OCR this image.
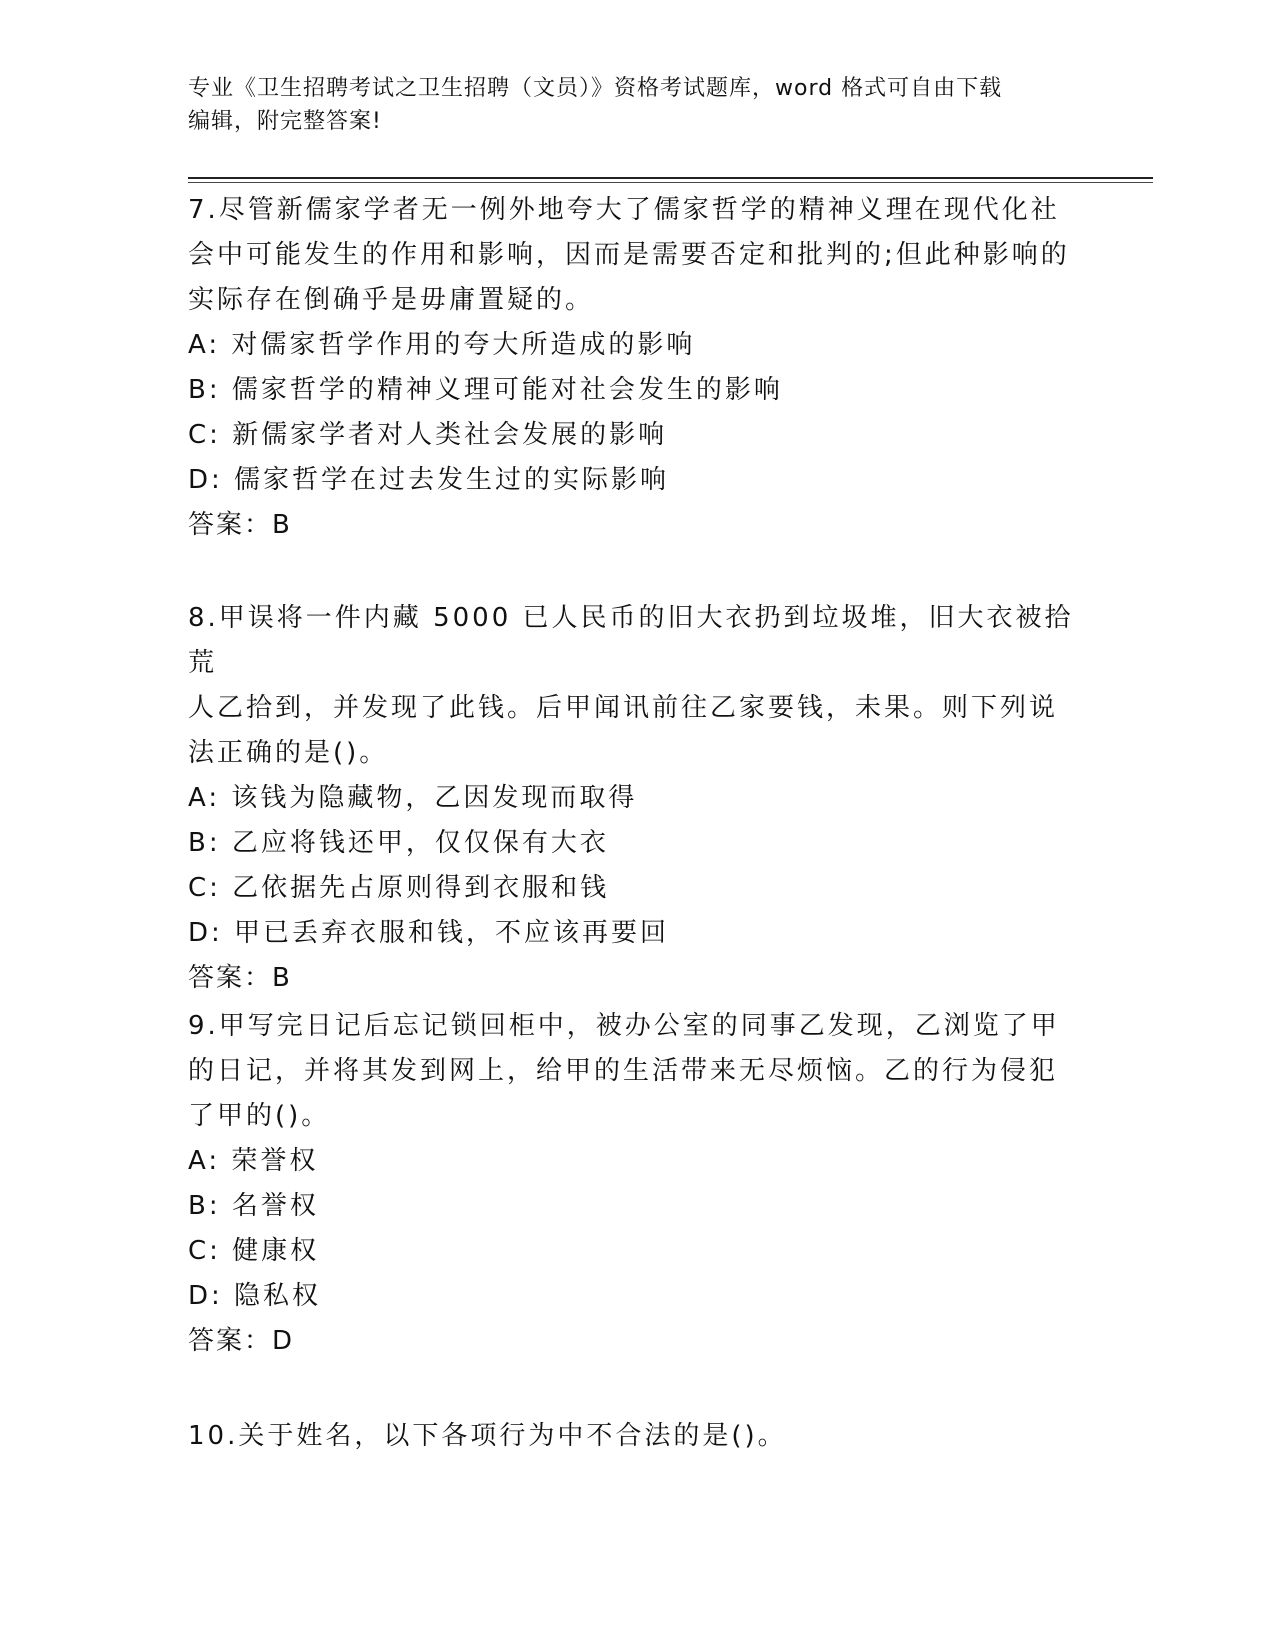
专业《卫生招聘考试之卫生招聘（文员）》资格考试题库，word 格式可自由下载
编辑，附完整答案!

7.尽管新儒家学者无一例外地夸大了儒家哲学的精神义理在现代化社

会中可能发生的作用和影响，因而是需要否定和批判的;但此种影响的

实际存在倒确乎是毋庸置疑的。

A: 对儒家哲学作用的夸大所造成的影响

B: 儒家哲学的精神义理可能对社会发生的影响

C: 新儒家学者对人类社会发展的影响

D: 儒家哲学在过去发生过的实际影响

答案：B

8.甲误将一件内藏 5000 已人民币的旧大衣扔到垃圾堆，旧大衣被拾荒

人乙拾到，并发现了此钱。后甲闻讯前往乙家要钱，未果。则下列说

法正确的是()。

A: 该钱为隐藏物，乙因发现而取得

B: 乙应将钱还甲，仅仅保有大衣

C: 乙依据先占原则得到衣服和钱

D: 甲已丢弃衣服和钱，不应该再要回

答案：B

9.甲写完日记后忘记锁回柜中，被办公室的同事乙发现，乙浏览了甲

的日记，并将其发到网上，给甲的生活带来无尽烦恼。乙的行为侵犯

了甲的()。

A: 荣誉权

B: 名誉权

C: 健康权

D: 隐私权

答案：D

10.关于姓名，以下各项行为中不合法的是()。
